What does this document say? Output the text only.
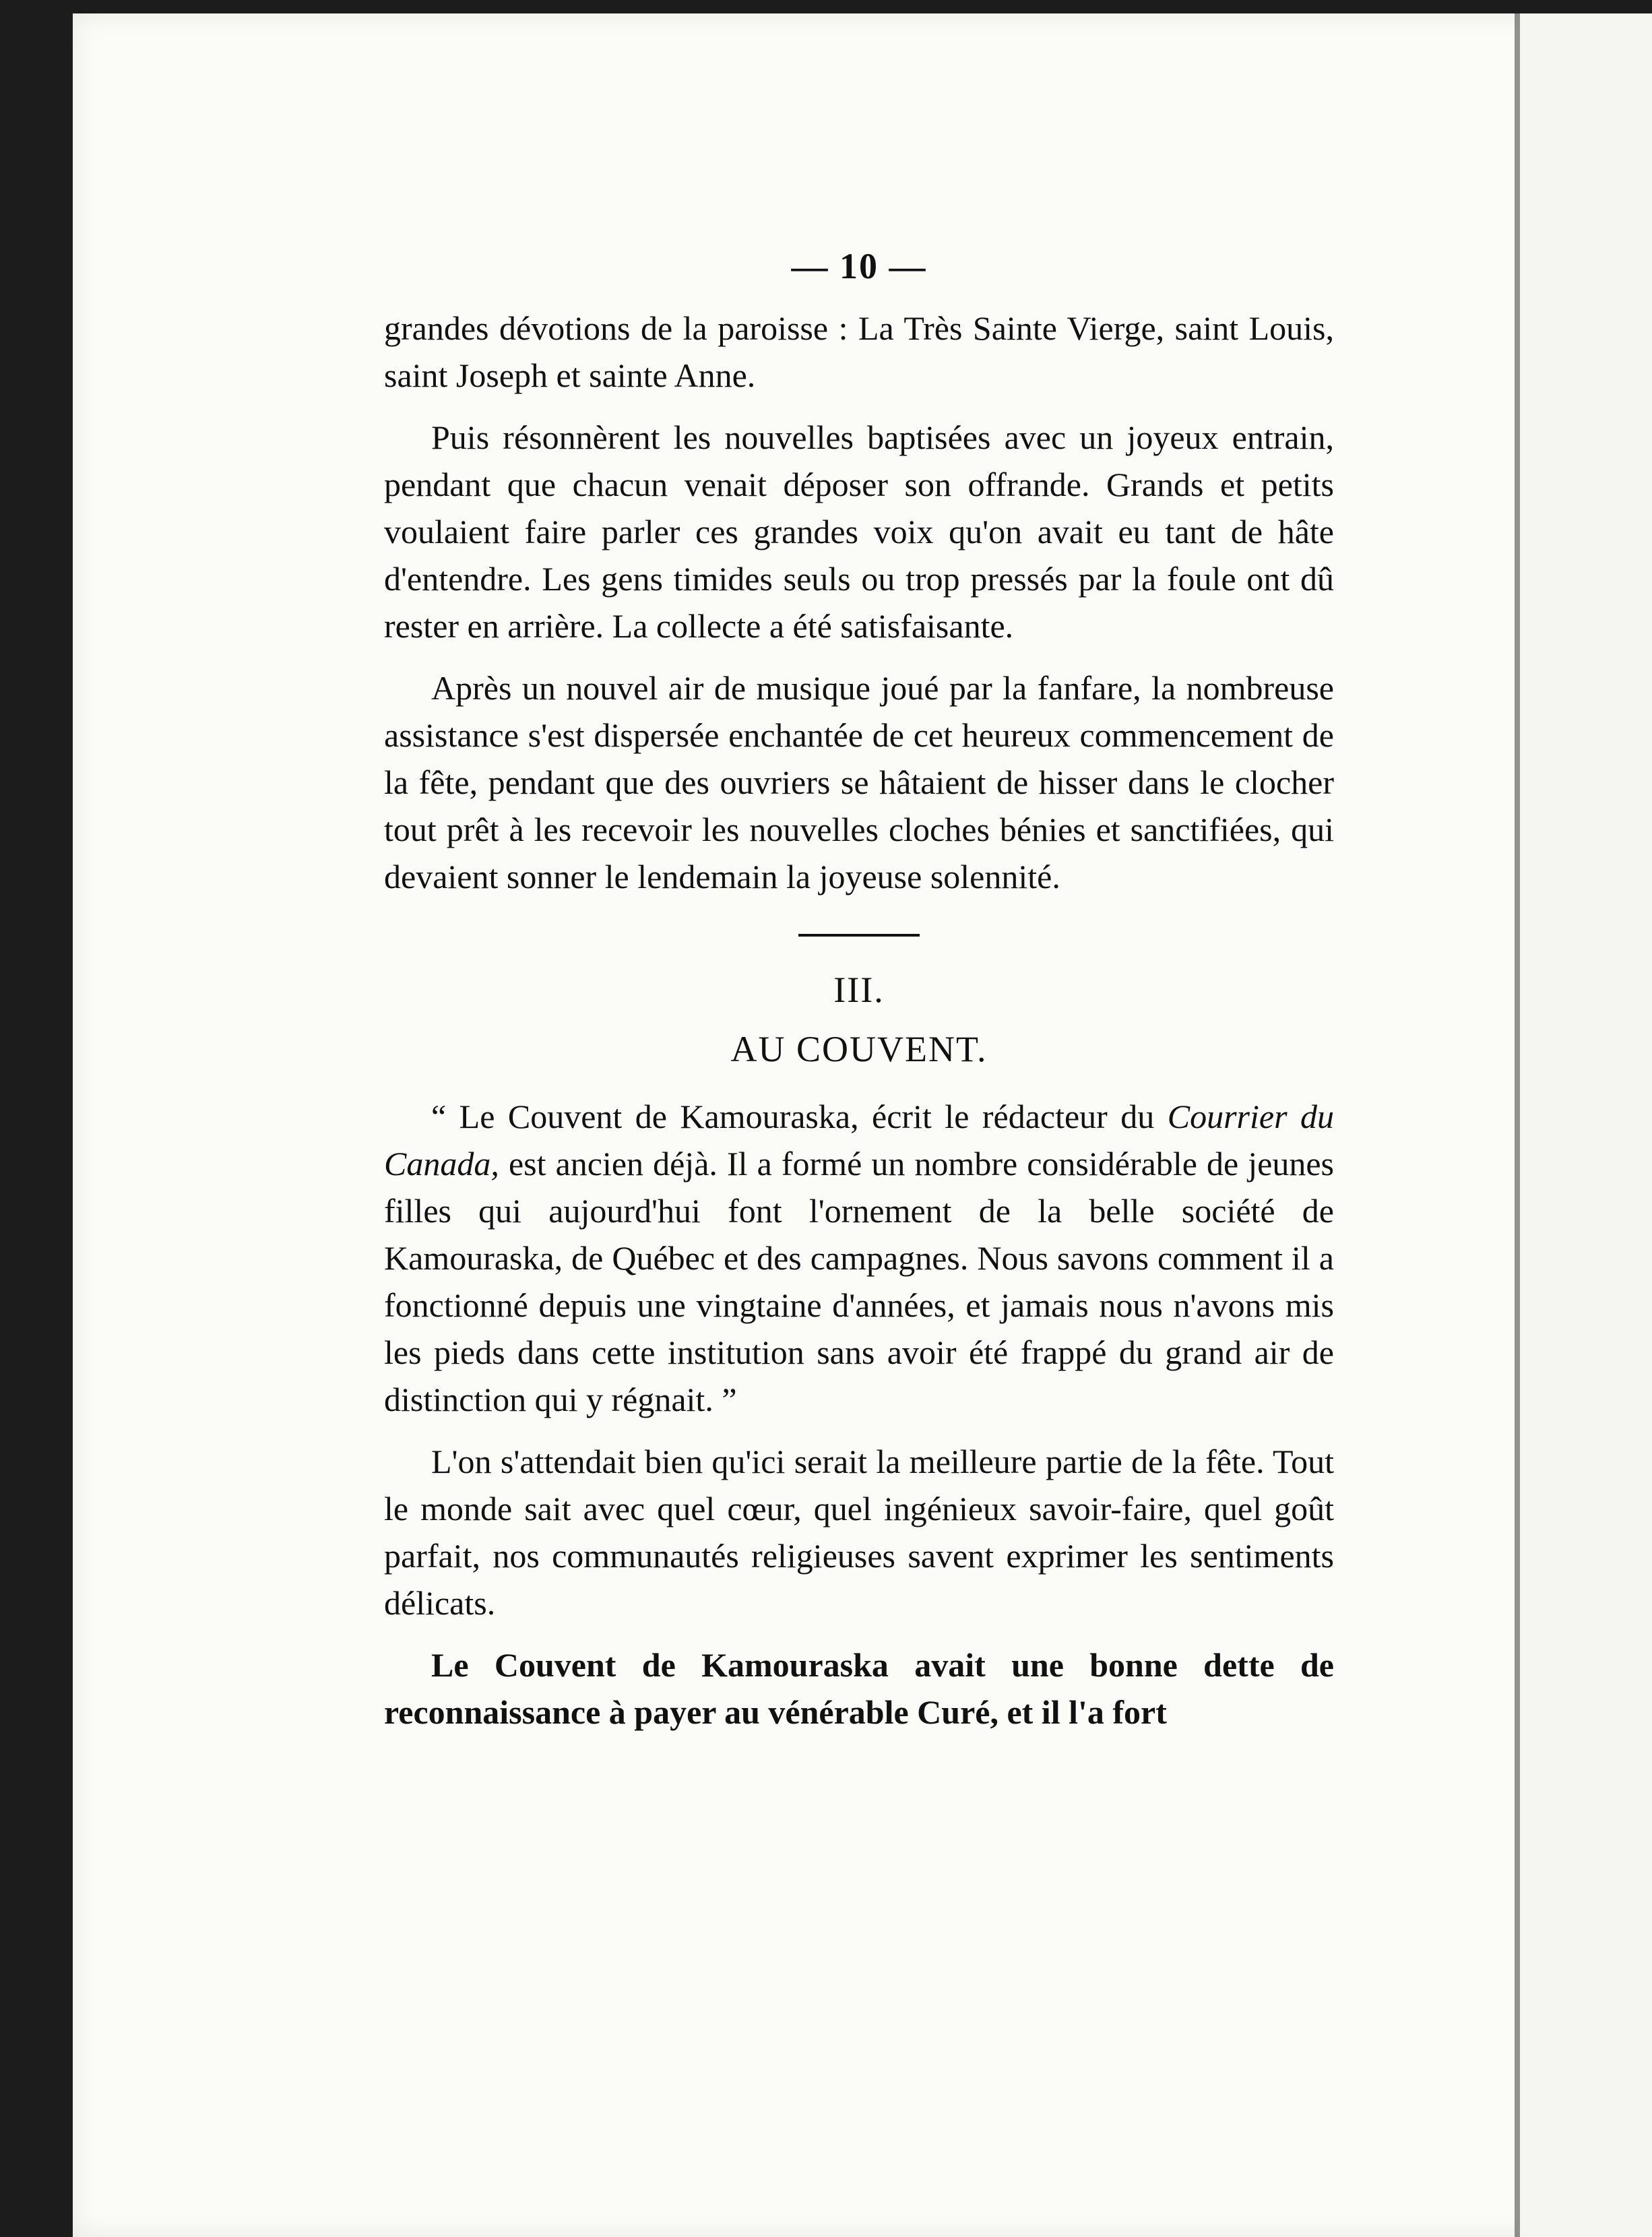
— 10 —

grandes dévotions de la paroisse : La Très Sainte Vierge, saint Louis, saint Joseph et sainte Anne.

Puis résonnèrent les nouvelles baptisées avec un joyeux entrain, pendant que chacun venait déposer son offrande. Grands et petits voulaient faire parler ces grandes voix qu'on avait eu tant de hâte d'entendre. Les gens timides seuls ou trop pressés par la foule ont dû rester en arrière. La collecte a été satisfaisante.

Après un nouvel air de musique joué par la fanfare, la nombreuse assistance s'est dispersée enchantée de cet heureux commencement de la fête, pendant que des ouvriers se hâtaient de hisser dans le clocher tout prêt à les recevoir les nouvelles cloches bénies et sanctifiées, qui devaient sonner le lendemain la joyeuse solennité.

III.
AU COUVENT.

“ Le Couvent de Kamouraska, écrit le rédacteur du Courrier du Canada, est ancien déjà. Il a formé un nombre considérable de jeunes filles qui aujourd'hui font l'ornement de la belle société de Kamouraska, de Québec et des campagnes. Nous savons comment il a fonctionné depuis une vingtaine d'années, et jamais nous n'avons mis les pieds dans cette institution sans avoir été frappé du grand air de distinction qui y régnait. ”

L'on s'attendait bien qu'ici serait la meilleure partie de la fête. Tout le monde sait avec quel cœur, quel ingénieux savoir-faire, quel goût parfait, nos communautés religieuses savent exprimer les sentiments délicats.

Le Couvent de Kamouraska avait une bonne dette de reconnaissance à payer au vénérable Curé, et il l'a fort
